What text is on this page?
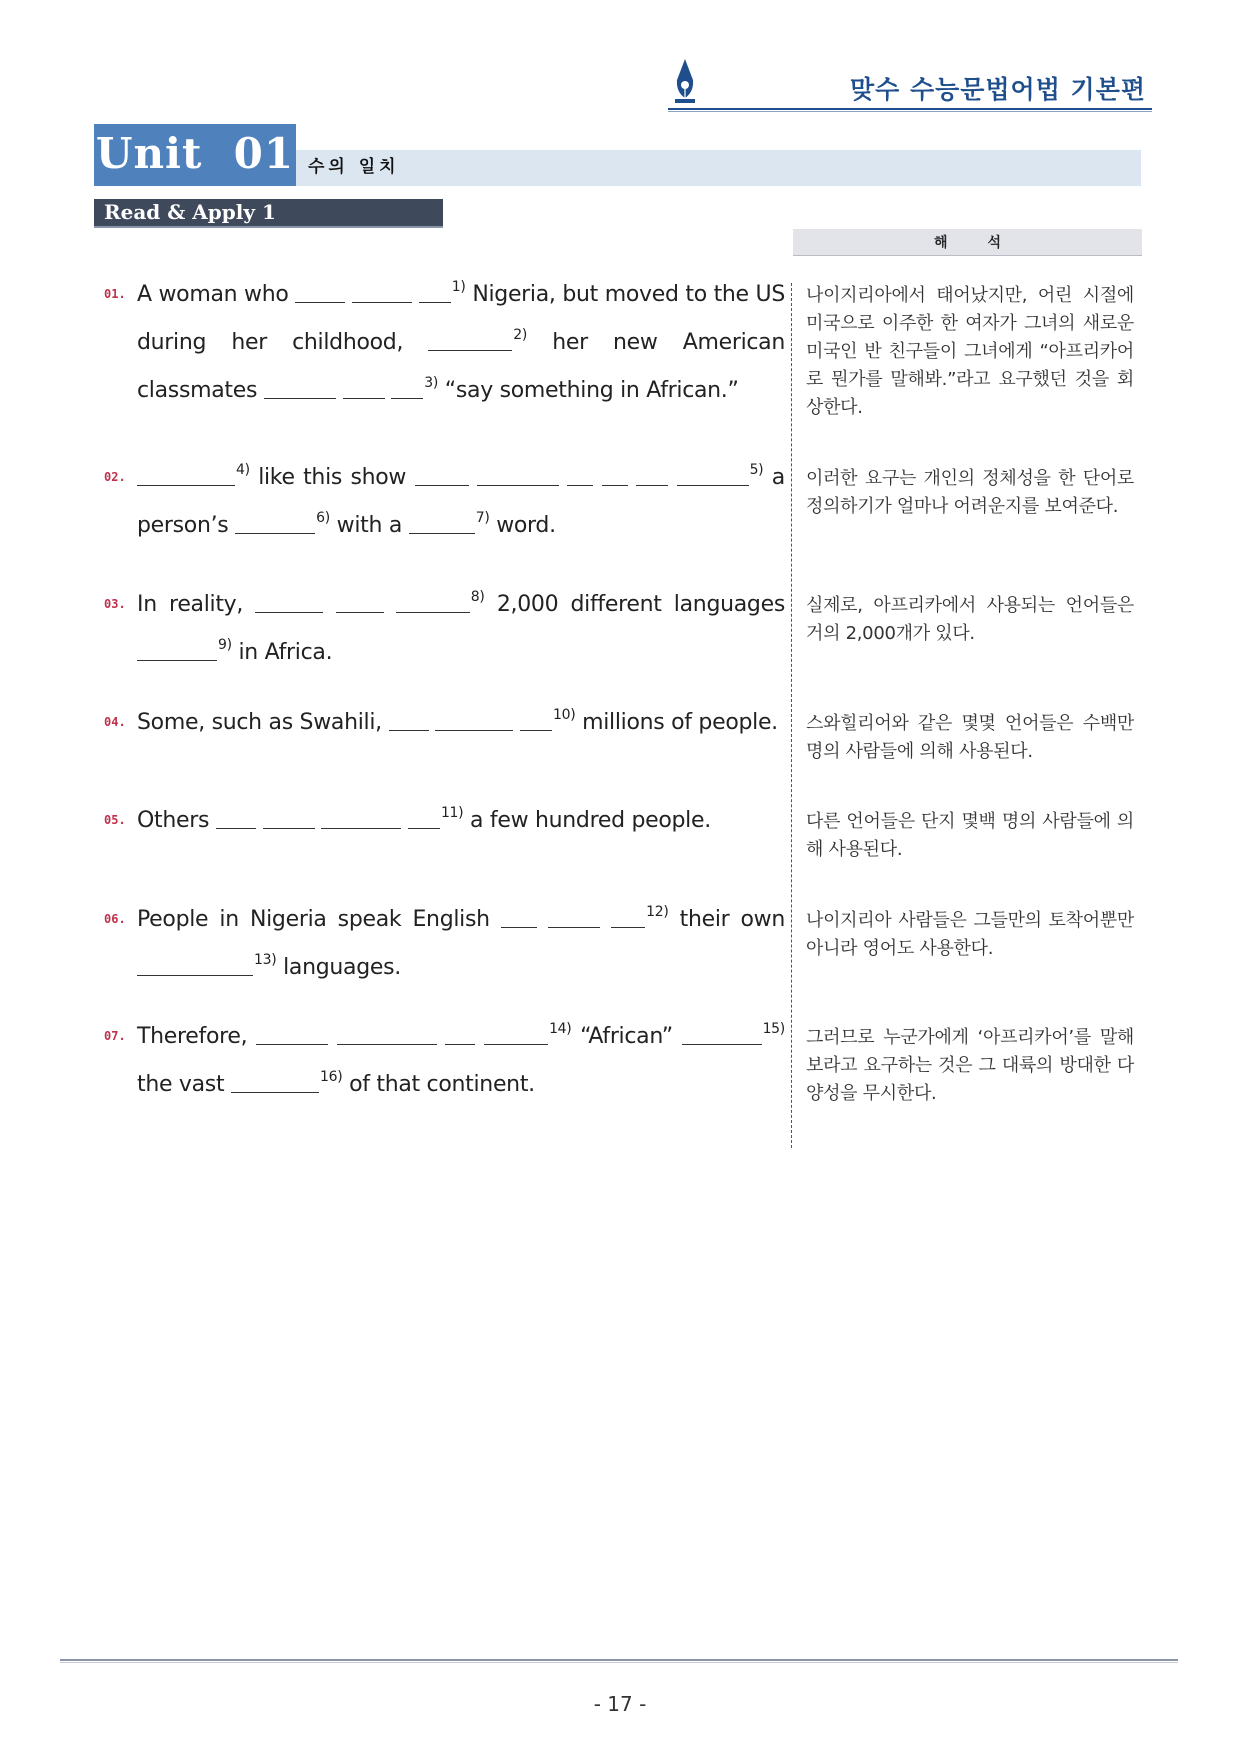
맞수 수능문법어법 기본편
Unit  01 수의 일치
Read & Apply 1
해석
01. A woman who	$^{1)}$ Nigeria, but moved to the US during her childhood,	$^{2)}$ her new American classmates	$^{3)}$ “say something in African.”
나이지리아에서 태어났지만, 어린 시절에 미국으로 이주한 한 여자가 그녀의 새로운 미국인 반 친구들이 그녀에게 “아프리카어로 뭔가를 말해봐.”라고 요구했던 것을 회상한다.
02.	$^{4)}$ like this show	$^{5)}$ a person’s	$^{6)}$ with a	$^{7)}$ word.
이러한 요구는 개인의 정체성을 한 단어로 정의하기가 얼마나 어려운지를 보여준다.
03. In reality,	$^{8)}$ 2,000 different languages $^{9)}$ in Africa.
실제로, 아프리카에서 사용되는 언어들은 거의 2,000개가 있다.
04. Some, such as Swahili,	$^{10)}$ millions of people.	스와힐리어와 같은 몇몇 언어들은 수백만 명의 사람들에 의해 사용된다.
05. Others	$^{11)}$ a few hundred people.	다른 언어들은 단지 몇백 명의 사람들에 의해 사용된다.
06. People in Nigeria speak English	$^{12)}$ their own $^{13)}$ languages.
나이지리아 사람들은 그들만의 토착어뿐만 아니라 영어도 사용한다.
07. Therefore,	$^{14)}$ “African”	$^{15)}$ the vast	$^{16)}$ of that continent.
그러므로 누군가에게 ‘아프리카어’를 말해보라고 요구하는 것은 그 대륙의 방대한 다양성을 무시한다.
- 17 -
